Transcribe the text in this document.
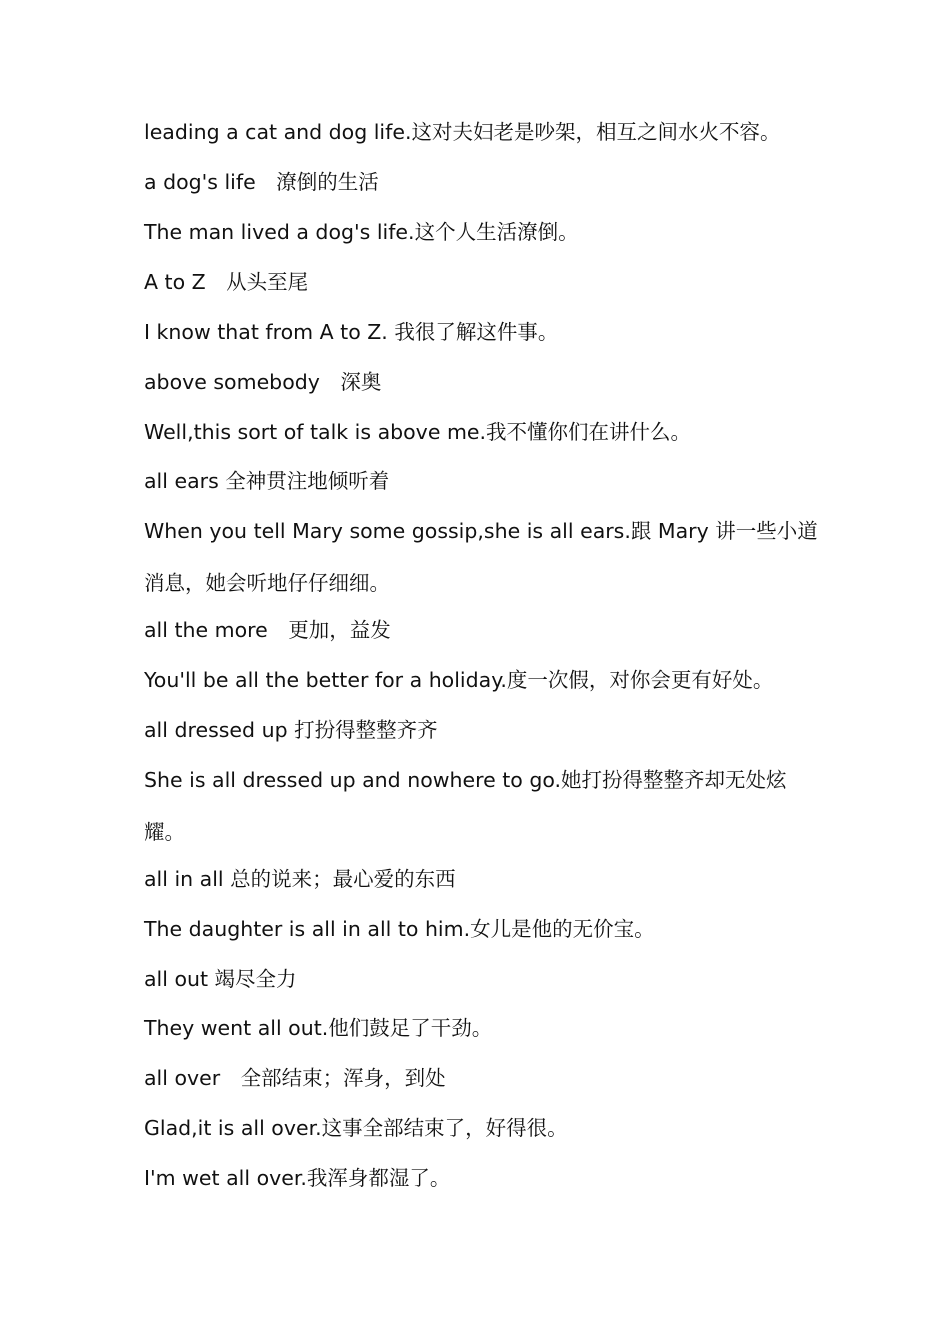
leading a cat and dog life.这对夫妇老是吵架，相互之间水火不容。
a dog's life　潦倒的生活
The man lived a dog's life.这个人生活潦倒。
A to Z　从头至尾
I know that from A to Z. 我很了解这件事。
above somebody　深奥
Well,this sort of talk is above me.我不懂你们在讲什么。
all ears 全神贯注地倾听着
When you tell Mary some gossip,she is all ears.跟 Mary 讲一些小道
消息，她会听地仔仔细细。
all the more　更加，益发
You'll be all the better for a holiday.度一次假，对你会更有好处。
all dressed up 打扮得整整齐齐
She is all dressed up and nowhere to go.她打扮得整整齐却无处炫
耀。
all in all 总的说来；最心爱的东西
The daughter is all in all to him.女儿是他的无价宝。
all out 竭尽全力
They went all out.他们鼓足了干劲。
all over　全部结束；浑身，到处
Glad,it is all over.这事全部结束了，好得很。
I'm wet all over.我浑身都湿了。
